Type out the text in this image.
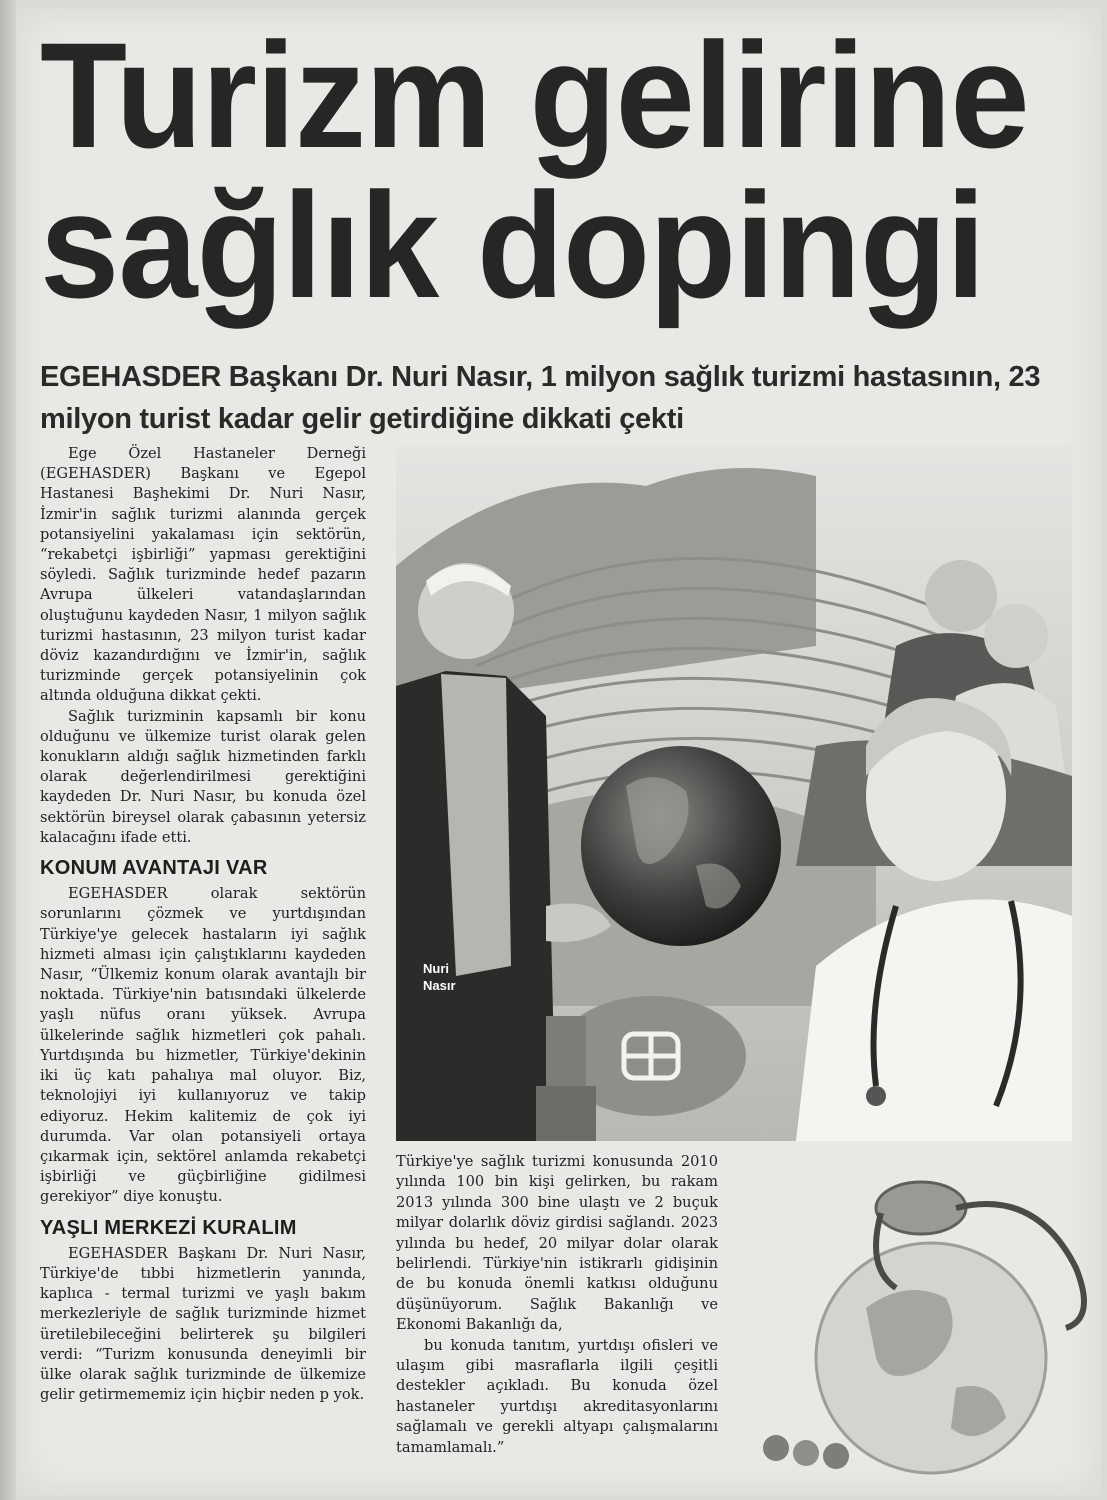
Turizm gelirine
sağlık dopingi
EGEHASDER Başkanı Dr. Nuri Nasır, 1 milyon sağlık turizmi hastasının, 23 milyon turist kadar gelir getirdiğine dikkati çekti

Ege Özel Hastaneler Derneği (EGEHASDER) Başkanı ve Egepol Hastanesi Başhekimi Dr. Nuri Nasır, İzmir'in sağlık turizmi alanında gerçek potansiyelini yakalaması için sektörün, “rekabetçi işbirliği” yapması gerektiğini söyledi. Sağlık turizminde hedef pazarın Avrupa ülkeleri vatandaşlarından oluştuğunu kaydeden Nasır, 1 milyon sağlık turizmi hastasının, 23 milyon turist kadar döviz kazandırdığını ve İzmir'in, sağlık turizminde gerçek potansiyelinin çok altında olduğuna dikkat çekti.

Sağlık turizminin kapsamlı bir konu olduğunu ve ülkemize turist olarak gelen konukların aldığı sağlık hizmetinden farklı olarak değerlendirilmesi gerektiğini kaydeden Dr. Nuri Nasır, bu konuda özel sektörün bireysel olarak çabasının yetersiz kalacağını ifade etti.

KONUM AVANTAJI VAR

EGEHASDER olarak sektörün sorunlarını çözmek ve yurtdışından Türkiye'ye gelecek hastaların iyi sağlık hizmeti alması için çalıştıklarını kaydeden Nasır, “Ülkemiz konum olarak avantajlı bir noktada. Türkiye'nin batısındaki ülkelerde yaşlı nüfus oranı yüksek. Avrupa ülkelerinde sağlık hizmetleri çok pahalı. Yurtdışında bu hizmetler, Türkiye'dekinin iki üç katı pahalıya mal oluyor. Biz, teknolojiyi iyi kullanıyoruz ve takip ediyoruz. Hekim kalitemiz de çok iyi durumda. Var olan potansiyeli ortaya çıkarmak için, sektörel anlamda rekabetçi işbirliği ve güçbirliğine gidilmesi gerekiyor” diye konuştu.

YAŞLI MERKEZİ KURALIM

EGEHASDER Başkanı Dr. Nuri Nasır, Türkiye'de tıbbi hizmetlerin yanında, kaplıca - termal turizmi ve yaşlı bakım merkezleriyle de sağlık turizminde hizmet üretilebileceğini belirterek şu bilgileri verdi: “Turizm konusunda deneyimli bir ülke olarak sağlık turizminde de ülkemize gelir getirmememiz için hiçbir neden p yok.

Nuri
Nasır

Türkiye'ye sağlık turizmi konusunda 2010 yılında 100 bin kişi gelirken, bu rakam 2013 yılında 300 bine ulaştı ve 2 buçuk milyar dolarlık döviz girdisi sağlandı. 2023 yılında bu hedef, 20 milyar dolar olarak belirlendi. Türkiye'nin istikrarlı gidişinin de bu konuda önemli katkısı olduğunu düşünüyorum. Sağlık Bakanlığı ve Ekonomi Bakanlığı da,

bu konuda tanıtım, yurtdışı ofisleri ve ulaşım gibi masraflarla ilgili çeşitli destekler açıkladı. Bu konuda özel hastaneler yurtdışı akreditasyonlarını sağlamalı ve gerekli altyapı çalışmalarını tamamlamalı.”
